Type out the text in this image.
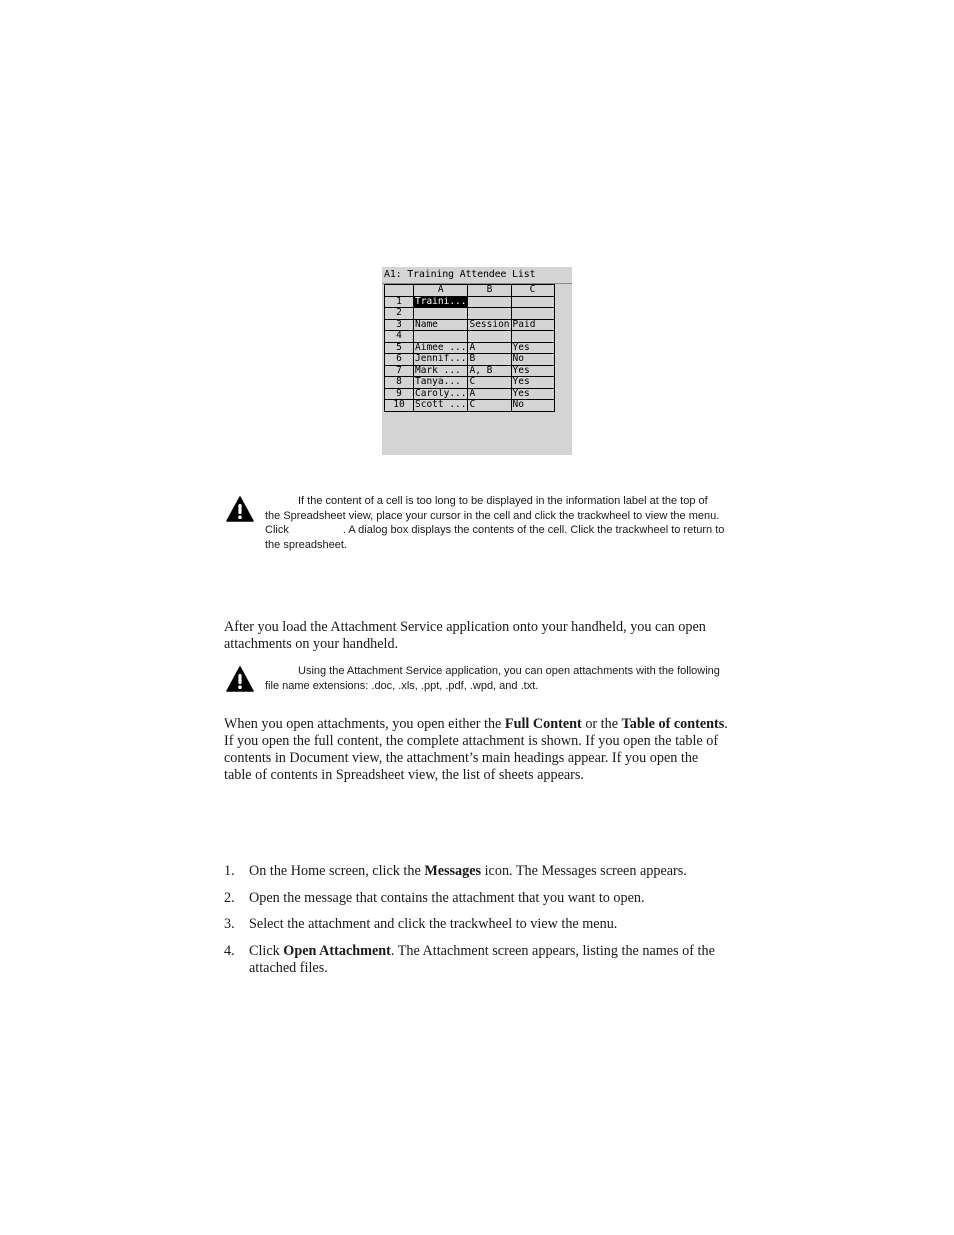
A1: Training Attendee List
	A	B	C
1	Traini...		
2			
3	Name	Session	Paid
4			
5	Aimee ...	A	Yes
6	Jennif...	B	No
7	Mark ...	A, B	Yes
8	Tanya...	C	Yes
9	Caroly...	A	Yes
10	Scott ...	C	No
If the content of a cell is too long to be displayed in the information label at the top of the Spreadsheet view, place your cursor in the cell and click the trackwheel to view the menu. Click	. A dialog box displays the contents of the cell. Click the trackwheel to return to the spreadsheet.

After you load the Attachment Service application onto your handheld, you can open attachments on your handheld.

Using the Attachment Service application, you can open attachments with the following file name extensions: .doc, .xls, .ppt, .pdf, .wpd, and .txt.

When you open attachments, you open either the Full Content or the Table of contents. If you open the full content, the complete attachment is shown. If you open the table of contents in Document view, the attachment’s main headings appear. If you open the table of contents in Spreadsheet view, the list of sheets appears.

1. On the Home screen, click the Messages icon. The Messages screen appears.
2. Open the message that contains the attachment that you want to open.
3. Select the attachment and click the trackwheel to view the menu.
4. Click Open Attachment. The Attachment screen appears, listing the names of the attached files.
